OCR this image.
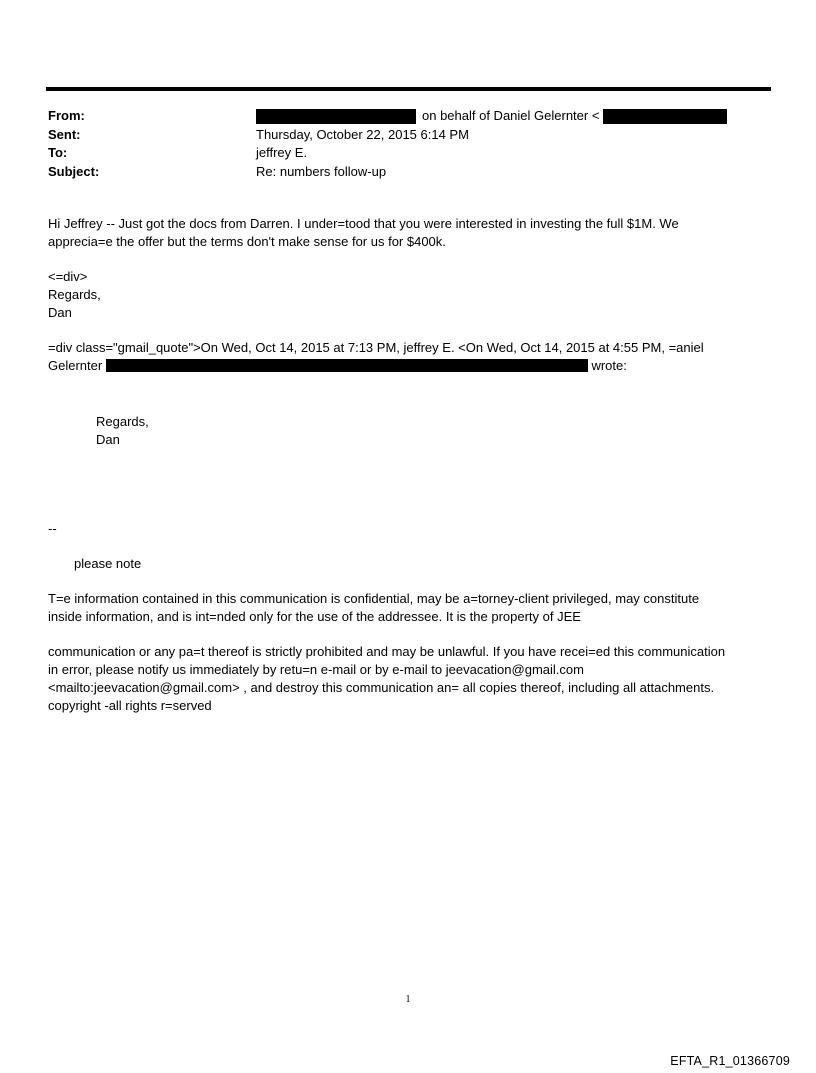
From:	on behalf of Daniel Gelernter <
Sent:	Thursday, October 22, 2015 6:14 PM
To:	jeffrey E.
Subject:	Re: numbers follow-up

Hi Jeffrey -- Just got the docs from Darren. I under=tood that you were interested in investing the full $1M. We

apprecia=e the offer but the terms don't make sense for us for $400k.

<=div>

Regards,

Dan

=div class="gmail_quote">On Wed, Oct 14, 2015 at 7:13 PM, jeffrey E. <On Wed, Oct 14, 2015 at 4:55 PM, =aniel

Gelernter	wrote:

Regards,

Dan

--

please note

T=e information contained in this communication is confidential, may be a=torney-client privileged, may constitute

inside information, and is int=nded only for the use of the addressee. It is the property of JEE

communication or any pa=t thereof is strictly prohibited and may be unlawful. If you have recei=ed this communication

in error, please notify us immediately by retu=n e-mail or by e-mail to jeevacation@gmail.com

<mailto:jeevacation@gmail.com> , and destroy this communication an= all copies thereof, including all attachments.

copyright -all rights r=served

1
EFTA_R1_01366709
